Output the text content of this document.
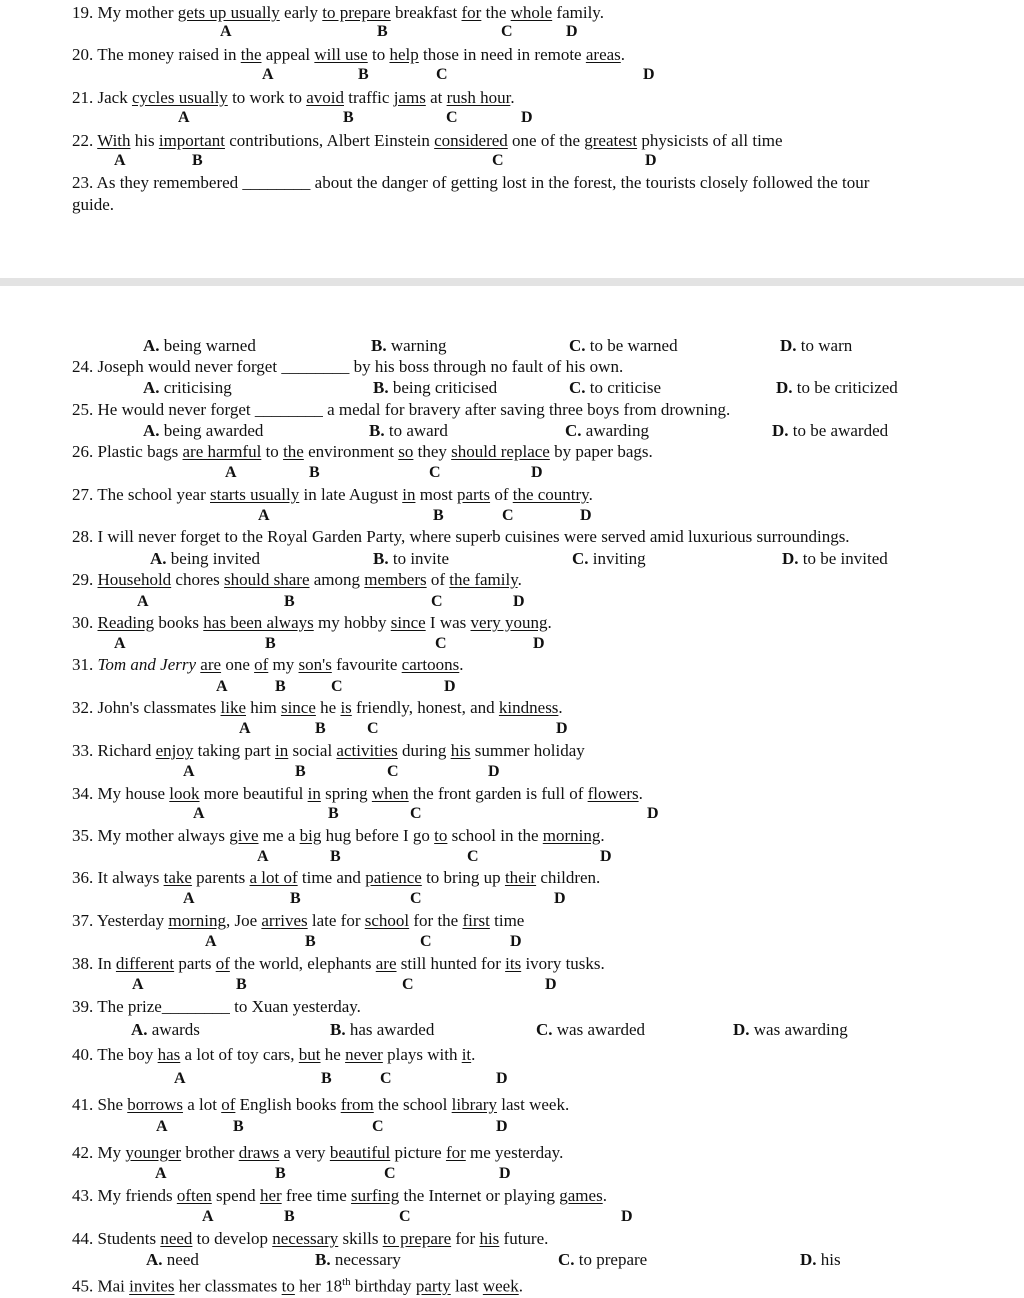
19. My mother gets up usually early to prepare breakfast for the whole family.
A	B	C	D
20. The money raised in the appeal will use to help those in need in remote areas.
A	B	C	D
21. Jack cycles usually to work to avoid traffic jams at rush hour.
A	B	C	D
22. With his important contributions, Albert Einstein considered one of the greatest physicists of all time
A	B	C	D
23. As they remembered ________ about the danger of getting lost in the forest, the tourists closely followed the tour
guide.
A. being warned	B. warning	C. to be warned	D. to warn
24. Joseph would never forget ________ by his boss through no fault of his own.
A. criticising	B. being criticised	C. to criticise	D. to be criticized
25. He would never forget ________ a medal for bravery after saving three boys from drowning.
A. being awarded	B. to award	C. awarding	D. to be awarded
26. Plastic bags are harmful to the environment so they should replace by paper bags.
A	B	C	D
27. The school year starts usually in late August in most parts of the country.
A	B	C	D
28. I will never forget to the Royal Garden Party, where superb cuisines were served amid luxurious surroundings.
A. being invited	B. to invite	C. inviting	D. to be invited
29. Household chores should share among members of the family.
A	B	C	D
30. Reading books has been always my hobby since I was very young.
A	B	C	D
31. Tom and Jerry are one of my son's favourite cartoons.
A	B	C	D
32. John's classmates like him since he is friendly, honest, and kindness.
A	B	C	D
33. Richard enjoy taking part in social activities during his summer holiday
A	B	C	D
34. My house look more beautiful in spring when the front garden is full of flowers.
A	B	C	D
35. My mother always give me a big hug before I go to school in the morning.
A	B	C	D
36. It always take parents a lot of time and patience to bring up their children.
A	B	C	D
37. Yesterday morning, Joe arrives late for school for the first time
A	B	C	D
38. In different parts of the world, elephants are still hunted for its ivory tusks.
A	B	C	D
39. The prize________ to Xuan yesterday.
A. awards	B. has awarded	C. was awarded	D. was awarding
40. The boy has a lot of toy cars, but he never plays with it.
A	B	C	D
41. She borrows a lot of English books from the school library last week.
A	B	C	D
42. My younger brother draws a very beautiful picture for me yesterday.
A	B	C	D
43. My friends often spend her free time surfing the Internet or playing games.
A	B	C	D
44. Students need to develop necessary skills to prepare for his future.
A. need	B. necessary	C. to prepare	D. his
45. Mai invites her classmates to her 18th birthday party last week.
